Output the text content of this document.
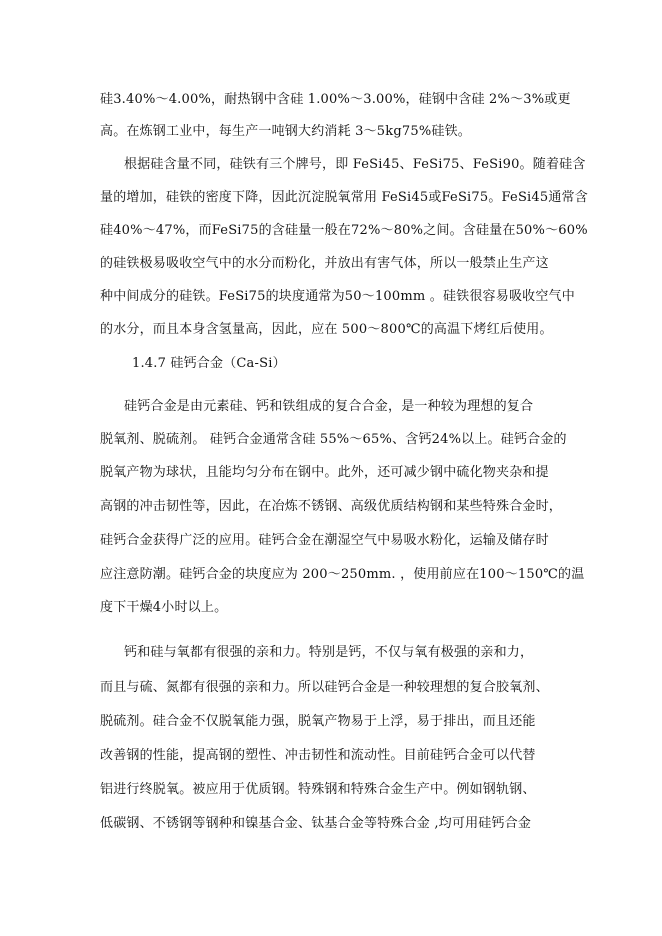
硅3.40%～4.00%，耐热钢中含硅 1.00%～3.00%，硅钢中含硅 2%～3%或更
高。在炼钢工业中，每生产一吨钢大约消耗 3～5kg75%硅铁。
根据硅含量不同，硅铁有三个牌号，即 FeSi45、FeSi75、FeSi90。随着硅含
量的增加，硅铁的密度下降，因此沉淀脱氧常用 FeSi45或FeSi75。FeSi45通常含
硅40%～47%，而FeSi75的含硅量一般在72%～80%之间。含硅量在50%～60%
的硅铁极易吸收空气中的水分而粉化，并放出有害气体，所以一般禁止生产这
种中间成分的硅铁。FeSi75的块度通常为50～100mm 。硅铁很容易吸收空气中
的水分，而且本身含氢量高，因此，应在 500～800℃的高温下烤红后使用。
1.4.7 硅钙合金（Ca-Si）
硅钙合金是由元素硅、钙和铁组成的复合合金，是一种较为理想的复合
脱氧剂、脱硫剂。 硅钙合金通常含硅 55%～65%、含钙24%以上。硅钙合金的
脱氧产物为球状，且能均匀分布在钢中。此外，还可减少钢中硫化物夹杂和提
高钢的冲击韧性等，因此，在冶炼不锈钢、高级优质结构钢和某些特殊合金时，
硅钙合金获得广泛的应用。硅钙合金在潮湿空气中易吸水粉化，运输及储存时
应注意防潮。硅钙合金的块度应为 200～250mm. ，使用前应在100～150℃的温
度下干燥4小时以上。
钙和硅与氧都有很强的亲和力。特别是钙，不仅与氧有极强的亲和力，
而且与硫、氮都有很强的亲和力。所以硅钙合金是一种较理想的复合胶氧剂、
脱硫剂。硅合金不仅脱氧能力强，脱氧产物易于上浮，易于排出，而且还能
改善钢的性能，提高钢的塑性、冲击韧性和流动性。目前硅钙合金可以代替
铝进行终脱氧。被应用于优质钢。特殊钢和特殊合金生产中。例如钢轨钢、
低碳钢、不锈钢等钢种和镍基合金、钛基合金等特殊合金 ,均可用硅钙合金
